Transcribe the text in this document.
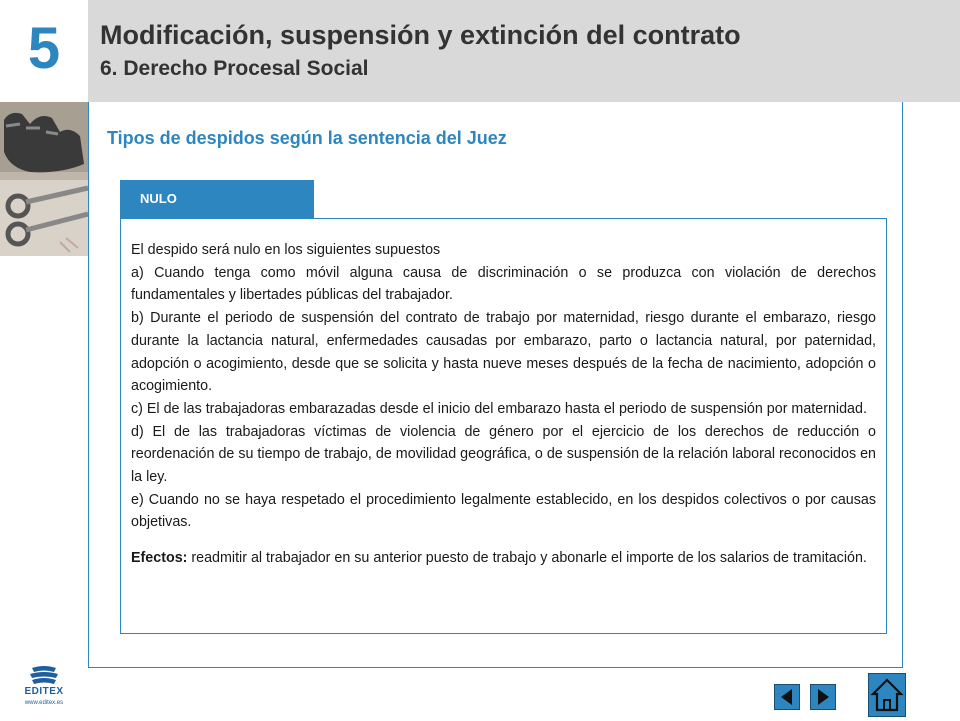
5 Modificación, suspensión y extinción del contrato
6. Derecho Procesal Social
Tipos de despidos según la sentencia del Juez
NULO

El despido será nulo en los siguientes supuestos

a) Cuando tenga como móvil alguna causa de discriminación o se produzca con violación de derechos fundamentales y libertades públicas del trabajador.

b) Durante el periodo de suspensión del contrato de trabajo por maternidad, riesgo durante el embarazo, riesgo durante la lactancia natural, enfermedades causadas por embarazo, parto o lactancia natural, por paternidad, adopción o acogimiento, desde que se solicita y hasta nueve meses después de la fecha de nacimiento, adopción o acogimiento.

c) El de las trabajadoras embarazadas desde el inicio del embarazo hasta el periodo de suspensión por maternidad.

d) El de las trabajadoras víctimas de violencia de género por el ejercicio de los derechos de reducción o reordenación de su tiempo de trabajo, de movilidad geográfica, o de suspensión de la relación laboral reconocidos en la ley.

e) Cuando no se haya respetado el procedimiento legalmente establecido, en los despidos colectivos o por causas objetivas.

Efectos: readmitir al trabajador en su anterior puesto de trabajo y abonarle el importe de los salarios de tramitación.

EDITEX
www.editex.es
